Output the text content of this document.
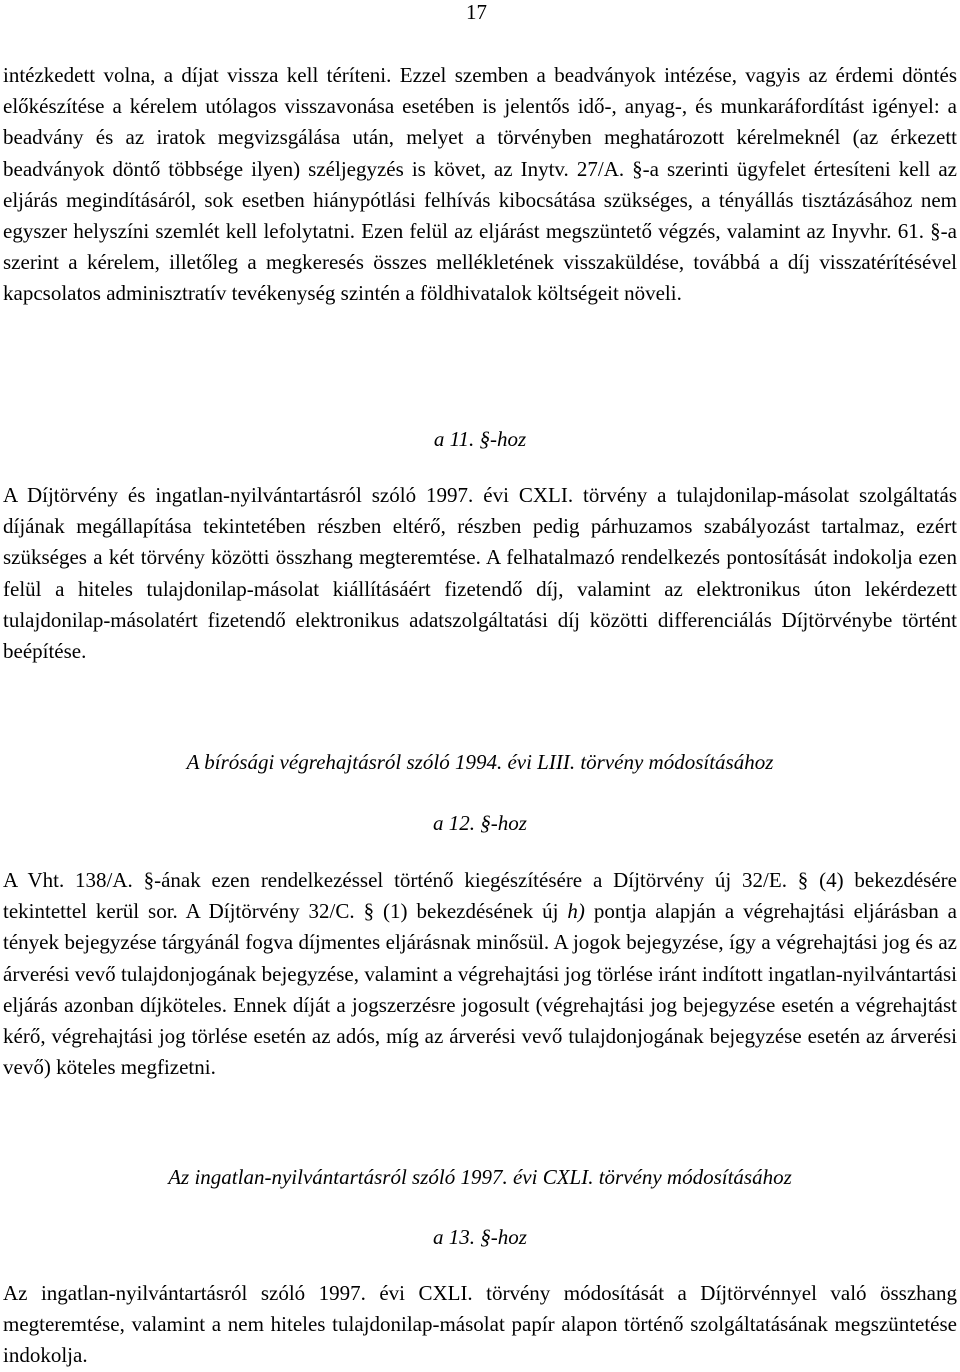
17

intézkedett volna, a díjat vissza kell téríteni. Ezzel szemben a beadványok intézése, vagyis az érdemi döntés előkészítése a kérelem utólagos visszavonása esetében is jelentős idő-, anyag-, és munkaráfordítást igényel: a beadvány és az iratok megvizsgálása után, melyet a törvényben meghatározott kérelmeknél (az érkezett beadványok döntő többsége ilyen) széljegyzés is követ, az Inytv. 27/A. §-a szerinti ügyfelet értesíteni kell az eljárás megindításáról, sok esetben hiánypótlási felhívás kibocsátása szükséges, a tényállás tisztázásához nem egyszer helyszíni szemlét kell lefolytatni. Ezen felül az eljárást megszüntető végzés, valamint az Inyvhr. 61. §-a szerint a kérelem, illetőleg a megkeresés összes mellékletének visszaküldése, továbbá a díj visszatérítésével kapcsolatos adminisztratív tevékenység szintén a földhivatalok költségeit növeli.

a 11. §-hoz

A Díjtörvény és ingatlan-nyilvántartásról szóló 1997. évi CXLI. törvény a tulajdonilap-másolat szolgáltatás díjának megállapítása tekintetében részben eltérő, részben pedig párhuzamos szabályozást tartalmaz, ezért szükséges a két törvény közötti összhang megteremtése. A felhatalmazó rendelkezés pontosítását indokolja ezen felül a hiteles tulajdonilap-másolat kiállításáért fizetendő díj, valamint az elektronikus úton lekérdezett tulajdonilap-másolatért fizetendő elektronikus adatszolgáltatási díj közötti differenciálás Díjtörvénybe történt beépítése.

A bírósági végrehajtásról szóló 1994. évi LIII. törvény módosításához

a 12. §-hoz

A Vht. 138/A. §-ának ezen rendelkezéssel történő kiegészítésére a Díjtörvény új 32/E. § (4) bekezdésére tekintettel kerül sor. A Díjtörvény 32/C. § (1) bekezdésének új h) pontja alapján a végrehajtási eljárásban a tények bejegyzése tárgyánál fogva díjmentes eljárásnak minősül. A jogok bejegyzése, így a végrehajtási jog és az árverési vevő tulajdonjogának bejegyzése, valamint a végrehajtási jog törlése iránt indított ingatlan-nyilvántartási eljárás azonban díjköteles. Ennek díját a jogszerzésre jogosult (végrehajtási jog bejegyzése esetén a végrehajtást kérő, végrehajtási jog törlése esetén az adós, míg az árverési vevő tulajdonjogának bejegyzése esetén az árverési vevő) köteles megfizetni.

Az ingatlan-nyilvántartásról szóló 1997. évi CXLI. törvény módosításához

a 13. §-hoz

Az ingatlan-nyilvántartásról szóló 1997. évi CXLI. törvény módosítását a Díjtörvénnyel való összhang megteremtése, valamint a nem hiteles tulajdonilap-másolat papír alapon történő szolgáltatásának megszüntetése indokolja.
